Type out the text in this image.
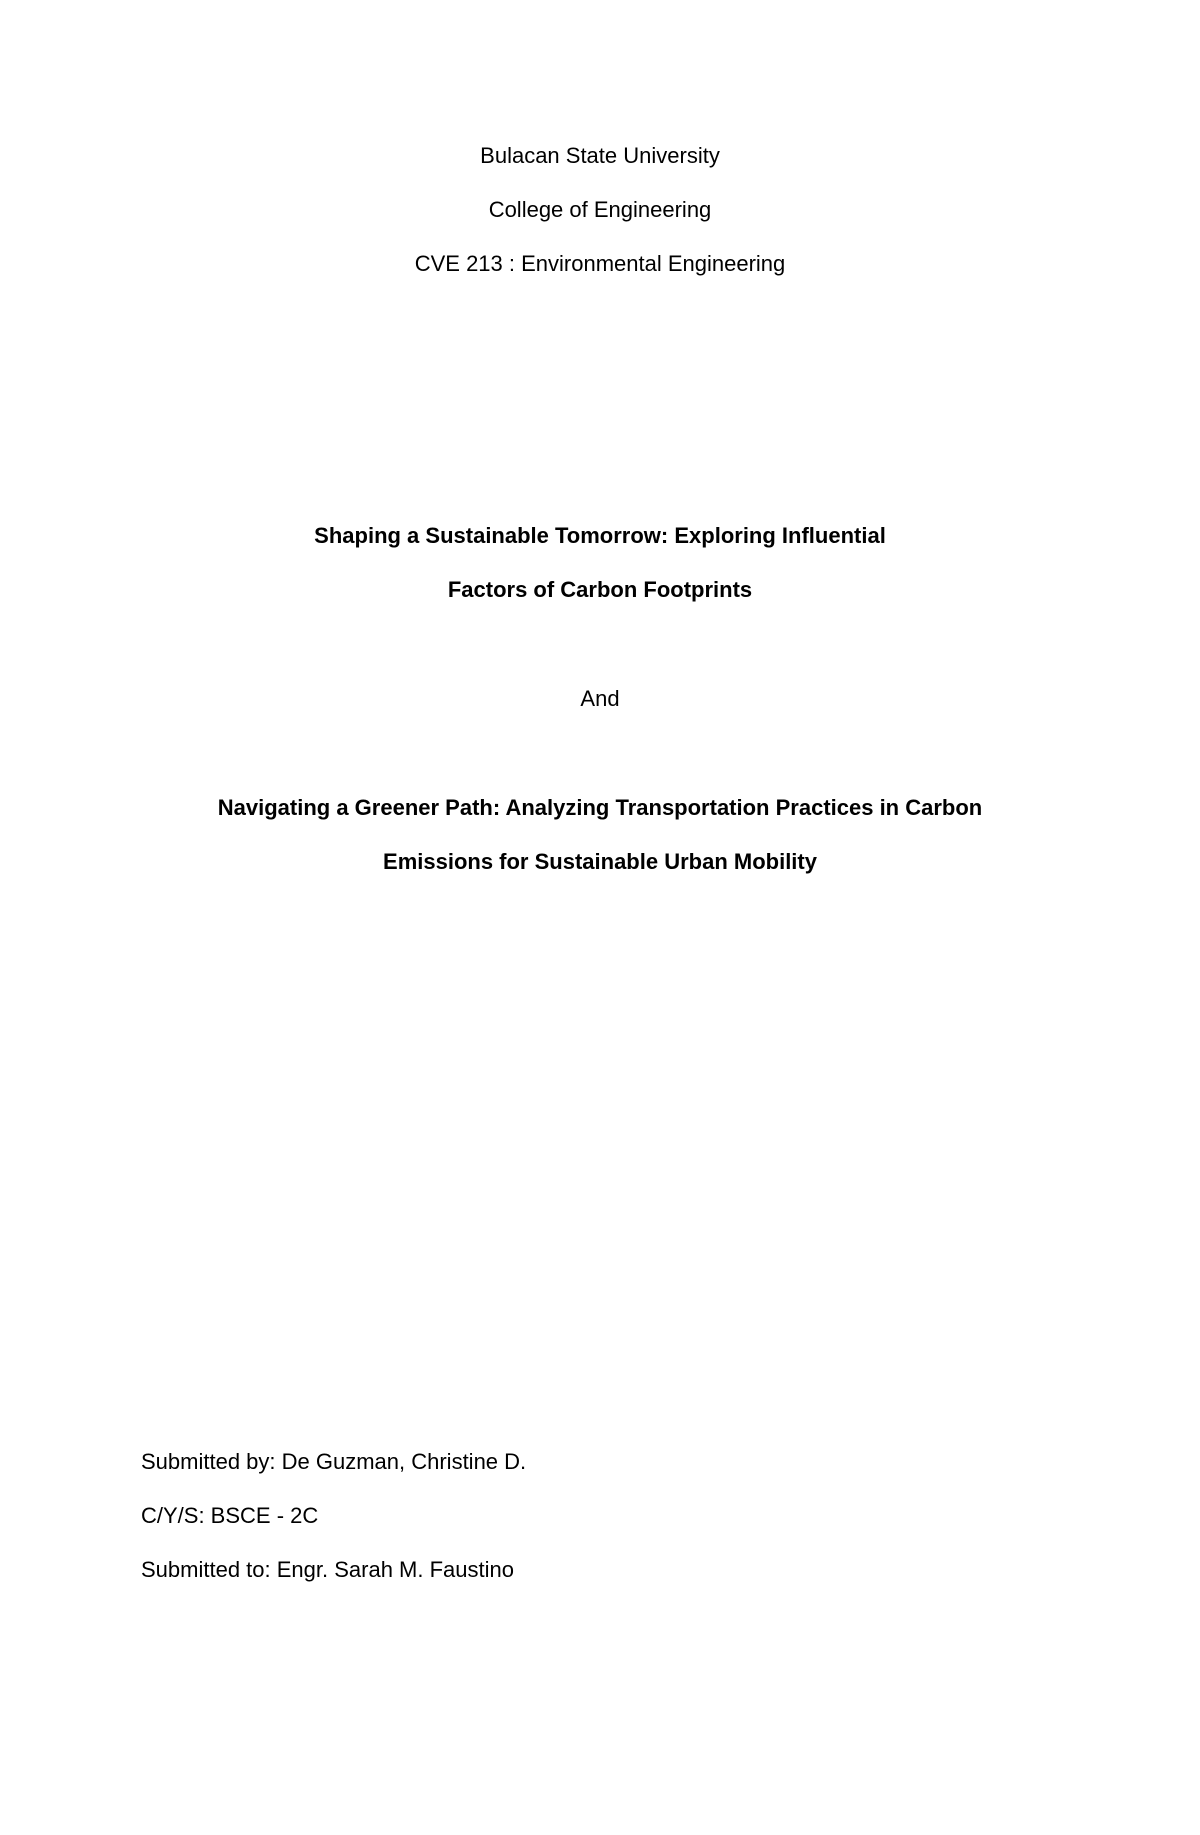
Bulacan State University
College of Engineering
CVE 213 : Environmental Engineering
Shaping a Sustainable Tomorrow: Exploring Influential
Factors of Carbon Footprints
And
Navigating a Greener Path: Analyzing Transportation Practices in Carbon
Emissions for Sustainable Urban Mobility
Submitted by: De Guzman, Christine D.
C/Y/S: BSCE - 2C
Submitted to: Engr. Sarah M. Faustino
